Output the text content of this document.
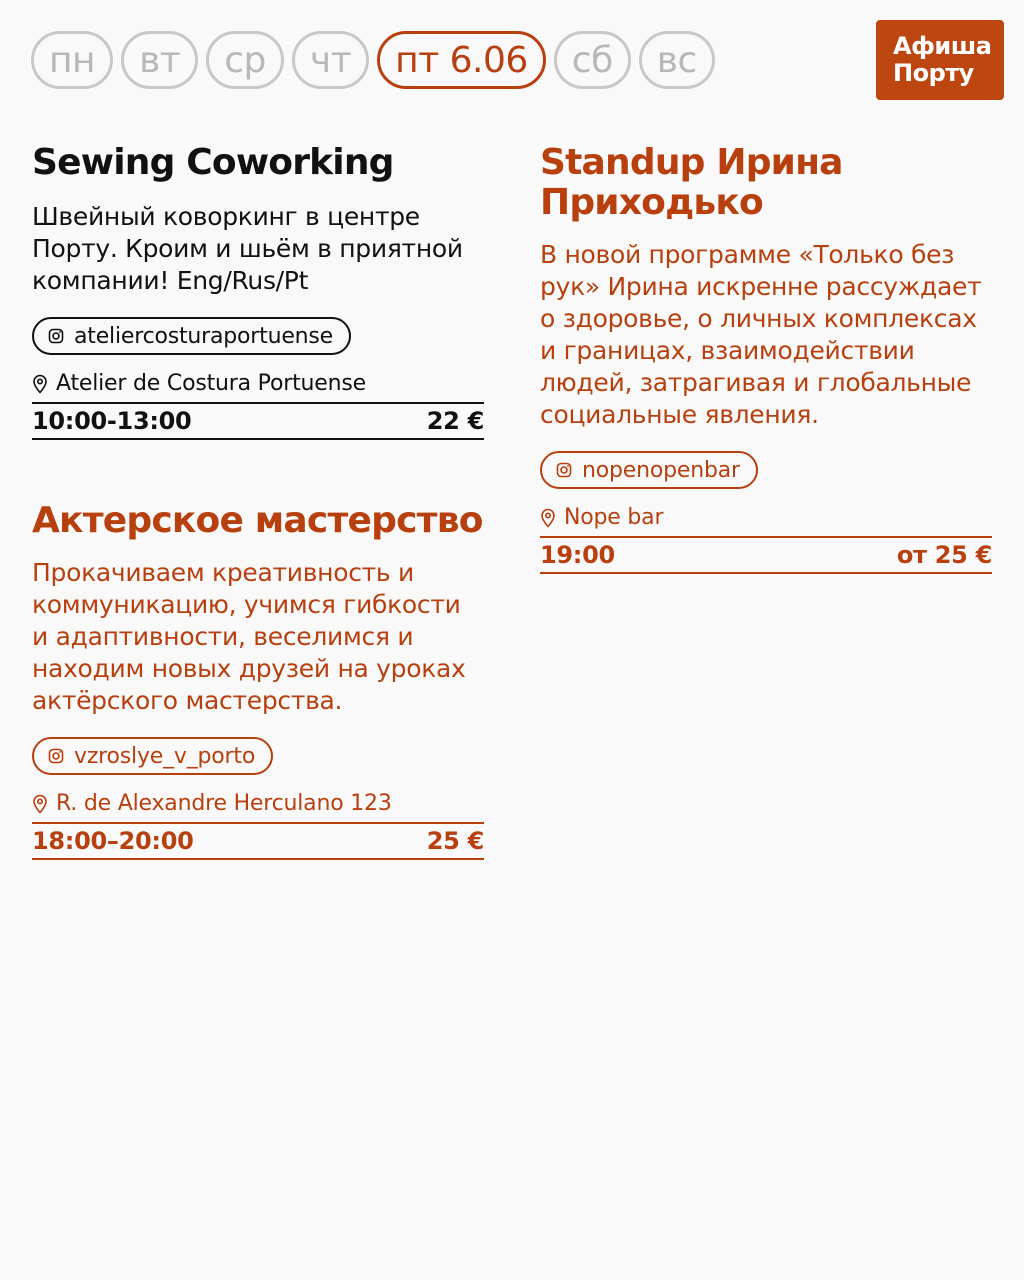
пн	вт	ср	чт	пт 6.06	сб	вс	Афиша
Порту
Sewing Coworking

Швейный коворкинг в центре Порту. Кроим и шьём в приятной компании! Eng/Rus/Pt

ateliercosturaportuense
Atelier de Costura Portuense
10:00-13:00	22 €
Актерское мастерство

Прокачиваем креативность и коммуникацию, учимся гибкости и адаптивности, веселимся и находим новых друзей на уроках актёрского мастерства.

vzroslye_v_porto
R. de Alexandre Herculano 123
18:00–20:00	25 €
Standup Ирина Приходько

В новой программе «Только без рук» Ирина искренне рассуждает о здоровье, о личных комплексах и границах, взаимодействии людей, затрагивая и глобальные социальные явления.

nopenopenbar
Nope bar
19:00	от 25 €
